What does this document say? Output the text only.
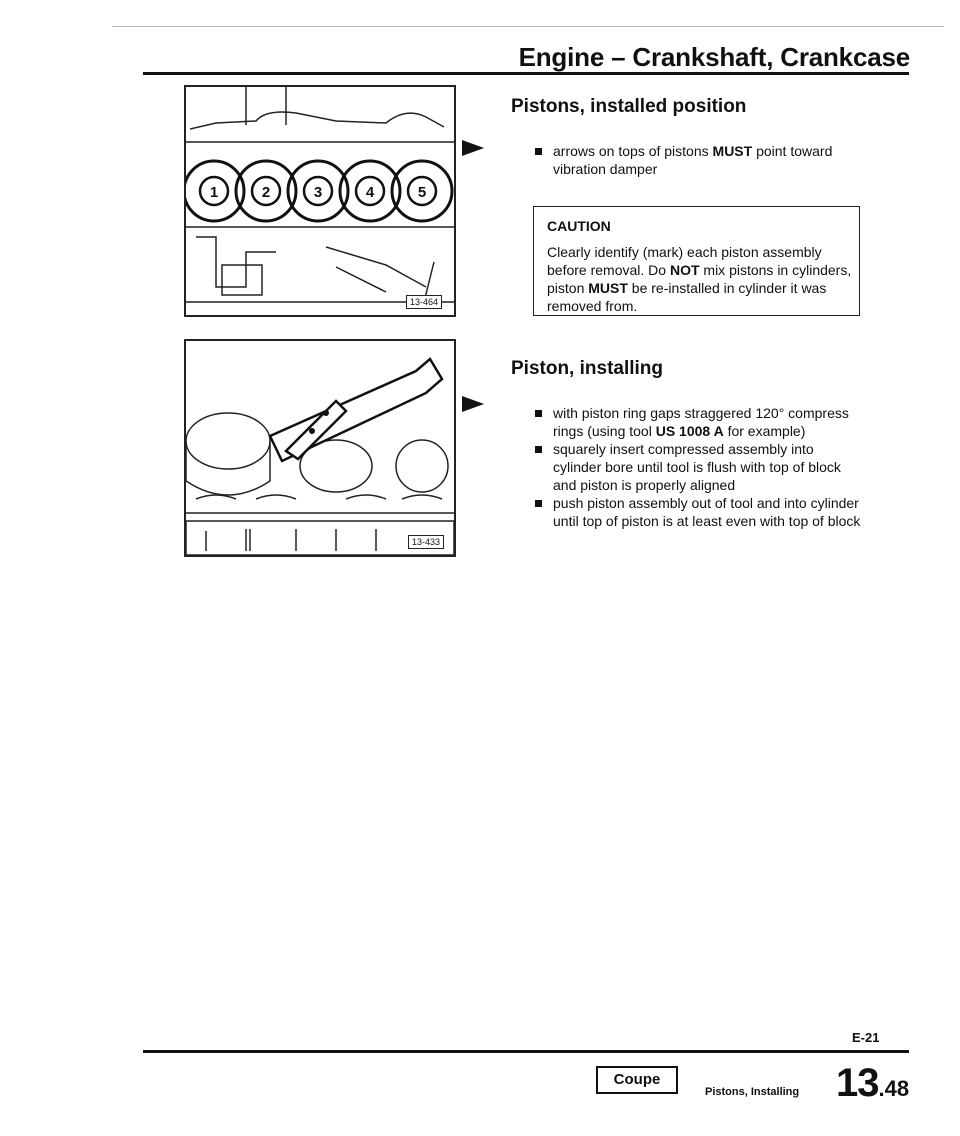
Engine – Crankshaft, Crankcase
1	2	3	4	5
13-464
13-433
Pistons, installed position
arrows on tops of pistons MUST point toward vibration damper
CAUTION
Clearly identify (mark) each piston assembly before removal. Do NOT mix pistons in cylinders, piston MUST be re-installed in cylinder it was removed from.
Piston, installing
with piston ring gaps straggered 120° compress rings (using tool US 1008 A for example)
squarely insert compressed assembly into cylinder bore until tool is flush with top of block and piston is properly aligned
push piston assembly out of tool and into cylinder until top of piston is at least even with top of block
E-21
Coupe
Pistons, Installing 13.48
